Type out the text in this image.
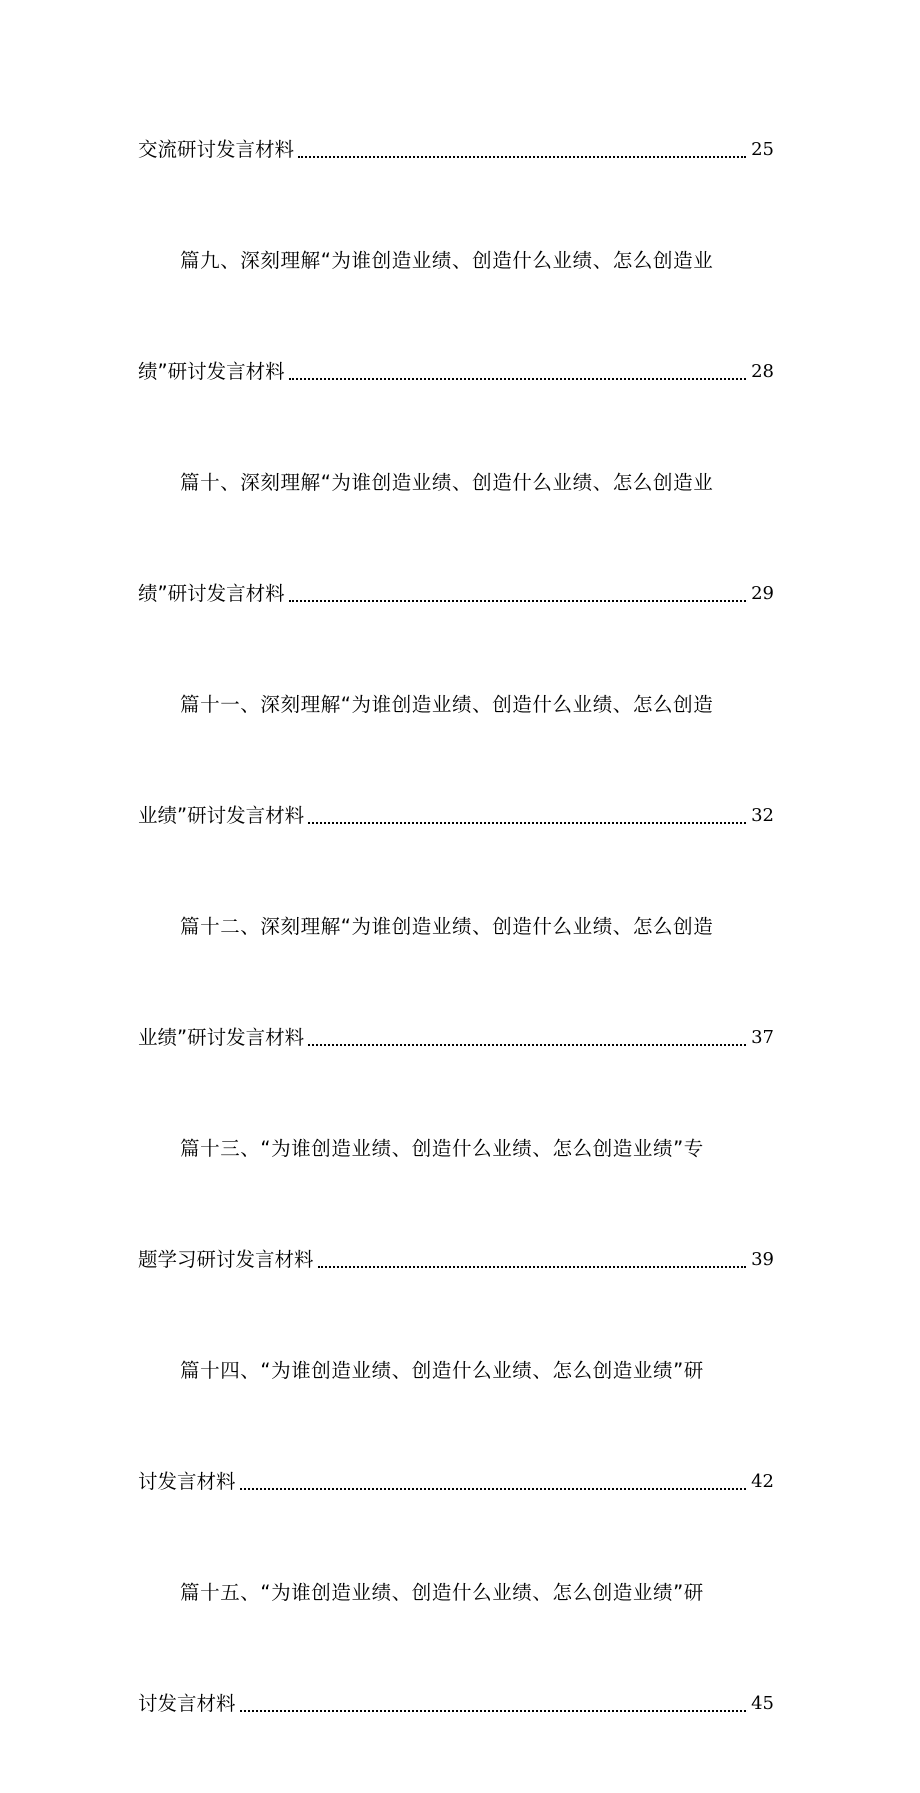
交流研讨发言材料	25
篇九、深刻理解“为谁创造业绩、创造什么业绩、怎么创造业
绩”研讨发言材料	28
篇十、深刻理解“为谁创造业绩、创造什么业绩、怎么创造业
绩”研讨发言材料	29
篇十一、深刻理解“为谁创造业绩、创造什么业绩、怎么创造
业绩”研讨发言材料	32
篇十二、深刻理解“为谁创造业绩、创造什么业绩、怎么创造
业绩”研讨发言材料	37
篇十三、“为谁创造业绩、创造什么业绩、怎么创造业绩”专
题学习研讨发言材料	39
篇十四、“为谁创造业绩、创造什么业绩、怎么创造业绩”研
讨发言材料	42
篇十五、“为谁创造业绩、创造什么业绩、怎么创造业绩”研
讨发言材料	45
